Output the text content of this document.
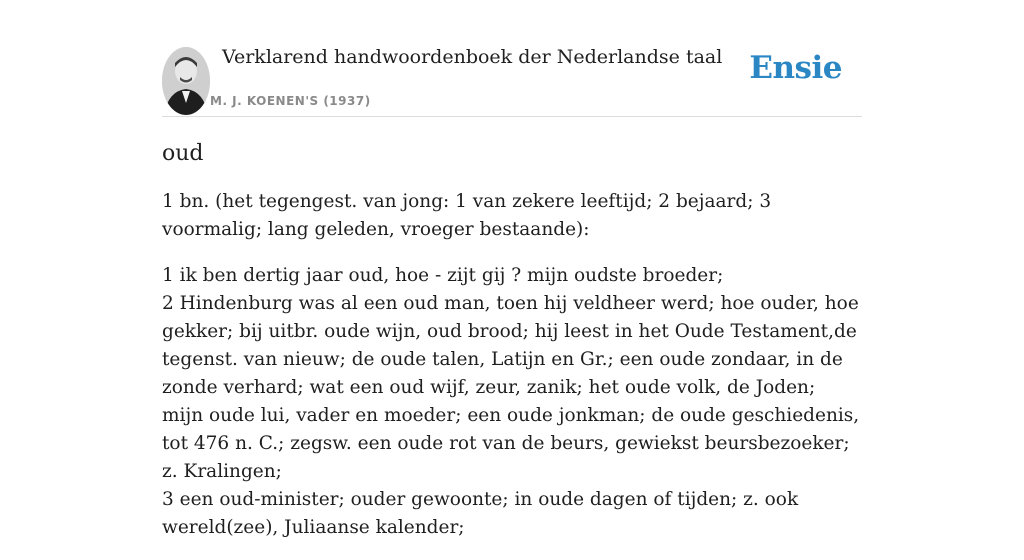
Verklarend handwoordenboek der Nederlandse taal
M. J. KOENEN'S (1937)
Ensie
oud

1 bn. (het tegengest. van jong: 1 van zekere leeftijd; 2 bejaard; 3 voormalig; lang geleden, vroeger bestaande):

1 ik ben dertig jaar oud, hoe - zijt gij ? mijn oudste broeder;
2 Hindenburg was al een oud man, toen hij veldheer werd; hoe ouder, hoe gekker; bij uitbr. oude wijn, oud brood; hij leest in het Oude Testament,de tegenst. van nieuw; de oude talen, Latijn en Gr.; een oude zondaar, in de zonde verhard; wat een oud wijf, zeur, zanik; het oude volk, de Joden; mijn oude lui, vader en moeder; een oude jonkman; de oude geschiedenis, tot 476 n. C.; zegsw. een oude rot van de beurs, gewiekst beursbezoeker; z. Kralingen;
3 een oud-minister; ouder gewoonte; in oude dagen of tijden; z. ook wereld(zee), Juliaanse kalender;
